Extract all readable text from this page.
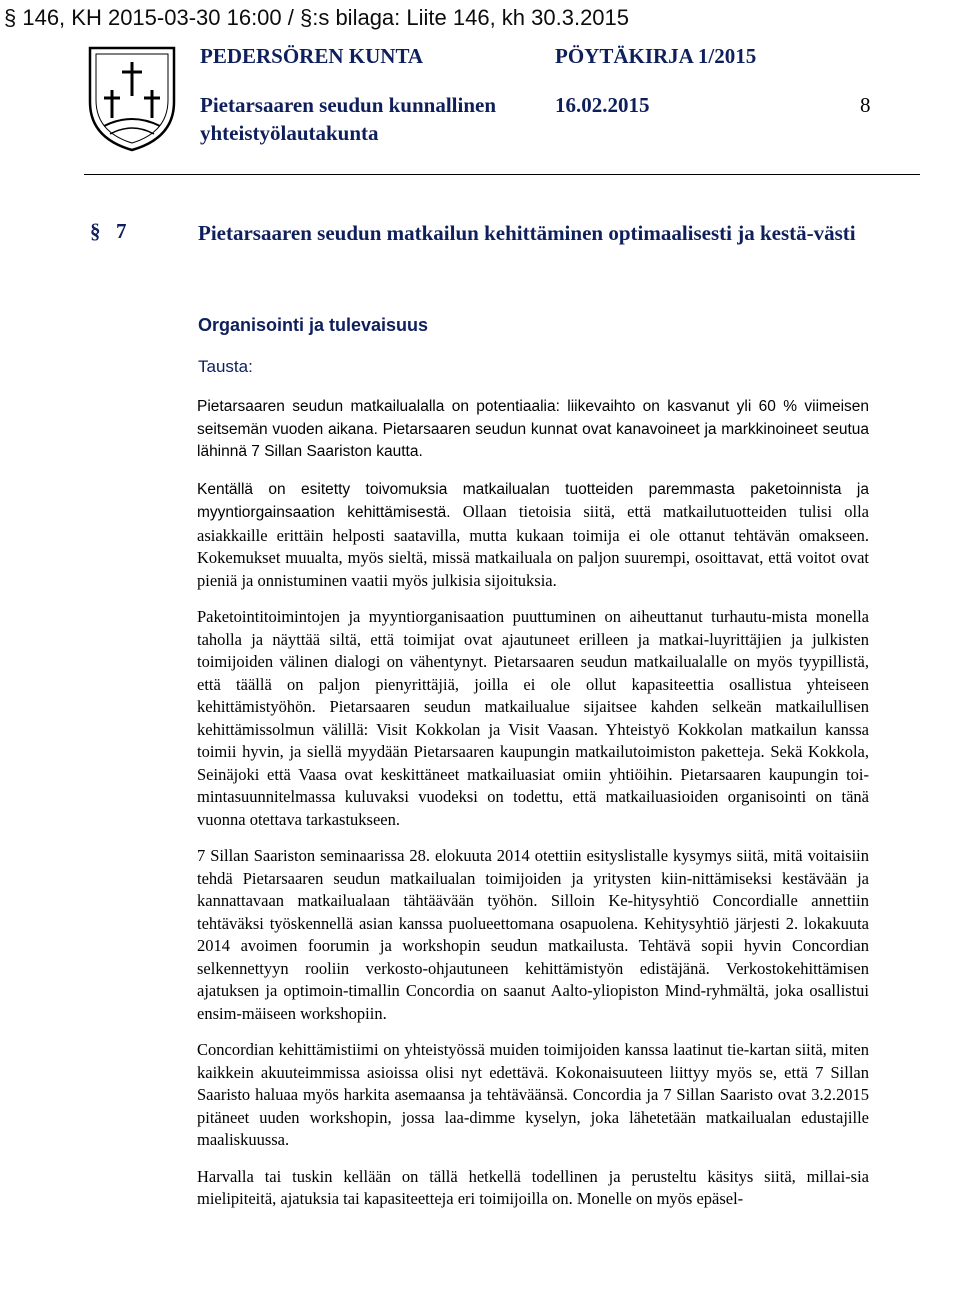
§ 146, KH 2015-03-30 16:00 / §:s bilaga: Liite 146, kh 30.3.2015
PEDERSÖREN KUNTA
Pietarsaaren seudun kunnallinen
yhteistyölautakunta
PÖYTÄKIRJA 1/2015
16.02.2015	8
§ 7	Pietarsaaren seudun matkailun kehittäminen optimaalisesti ja kestä-västi
Organisointi ja tulevaisuus
Tausta:

Pietarsaaren seudun matkailualalla on potentiaalia: liikevaihto on kasvanut yli 60 % viimeisen seitsemän vuoden aikana. Pietarsaaren seudun kunnat ovat kanavoineet ja markkinoineet seutua lähinnä 7 Sillan Saariston kautta.

Kentällä on esitetty toivomuksia matkailualan tuotteiden paremmasta paketoinnista ja myyntiorgainsaation kehittämisestä. Ollaan tietoisia siitä, että matkailutuotteiden tulisi olla asiakkaille erittäin helposti saatavilla, mutta kukaan toimija ei ole ottanut tehtävän omakseen. Kokemukset muualta, myös sieltä, missä matkailuala on paljon suurempi, osoittavat, että voitot ovat pieniä ja onnistuminen vaatii myös julkisia sijoituksia.

Paketointitoimintojen ja myyntiorganisaation puuttuminen on aiheuttanut turhautu-mista monella taholla ja näyttää siltä, että toimijat ovat ajautuneet erilleen ja matkai-luyrittäjien ja julkisten toimijoiden välinen dialogi on vähentynyt. Pietarsaaren seudun matkailualalle on myös tyypillistä, että täällä on paljon pienyrittäjiä, joilla ei ole ollut kapasiteettia osallistua yhteiseen kehittämistyöhön. Pietarsaaren seudun matkailualue sijaitsee kahden selkeän matkailullisen kehittämissolmun välillä: Visit Kokkolan ja Visit Vaasan. Yhteistyö Kokkolan matkailun kanssa toimii hyvin, ja siellä myydään Pietarsaaren kaupungin matkailutoimiston paketteja. Sekä Kokkola, Seinäjoki että Vaasa ovat keskittäneet matkailuasiat omiin yhtiöihin. Pietarsaaren kaupungin toi-mintasuunnitelmassa kuluvaksi vuodeksi on todettu, että matkailuasioiden organisointi on tänä vuonna otettava tarkastukseen.

7 Sillan Saariston seminaarissa 28. elokuuta 2014 otettiin esityslistalle kysymys siitä, mitä voitaisiin tehdä Pietarsaaren seudun matkailualan toimijoiden ja yritysten kiin-nittämiseksi kestävään ja kannattavaan matkailualaan tähtäävään työhön. Silloin Ke-hitysyhtiö Concordialle annettiin tehtäväksi työskennellä asian kanssa puolueettomana osapuolena. Kehitysyhtiö järjesti 2. lokakuuta 2014 avoimen foorumin ja workshopin seudun matkailusta. Tehtävä sopii hyvin Concordian selkennettyyn rooliin verkosto-ohjautuneen kehittämistyön edistäjänä. Verkostokehittämisen ajatuksen ja optimoin-timallin Concordia on saanut Aalto-yliopiston Mind-ryhmältä, joka osallistui ensim-mäiseen workshopiin.

Concordian kehittämistiimi on yhteistyössä muiden toimijoiden kanssa laatinut tie-kartan siitä, miten kaikkein akuuteimmissa asioissa olisi nyt edettävä. Kokonaisuuteen liittyy myös se, että 7 Sillan Saaristo haluaa myös harkita asemaansa ja tehtäväänsä. Concordia ja 7 Sillan Saaristo ovat 3.2.2015 pitäneet uuden workshopin, jossa laa-dimme kyselyn, joka lähetetään matkailualan edustajille maaliskuussa.

Harvalla tai tuskin kellään on tällä hetkellä todellinen ja perusteltu käsitys siitä, millai-sia mielipiteitä, ajatuksia tai kapasiteetteja eri toimijoilla on. Monelle on myös epäsel-
